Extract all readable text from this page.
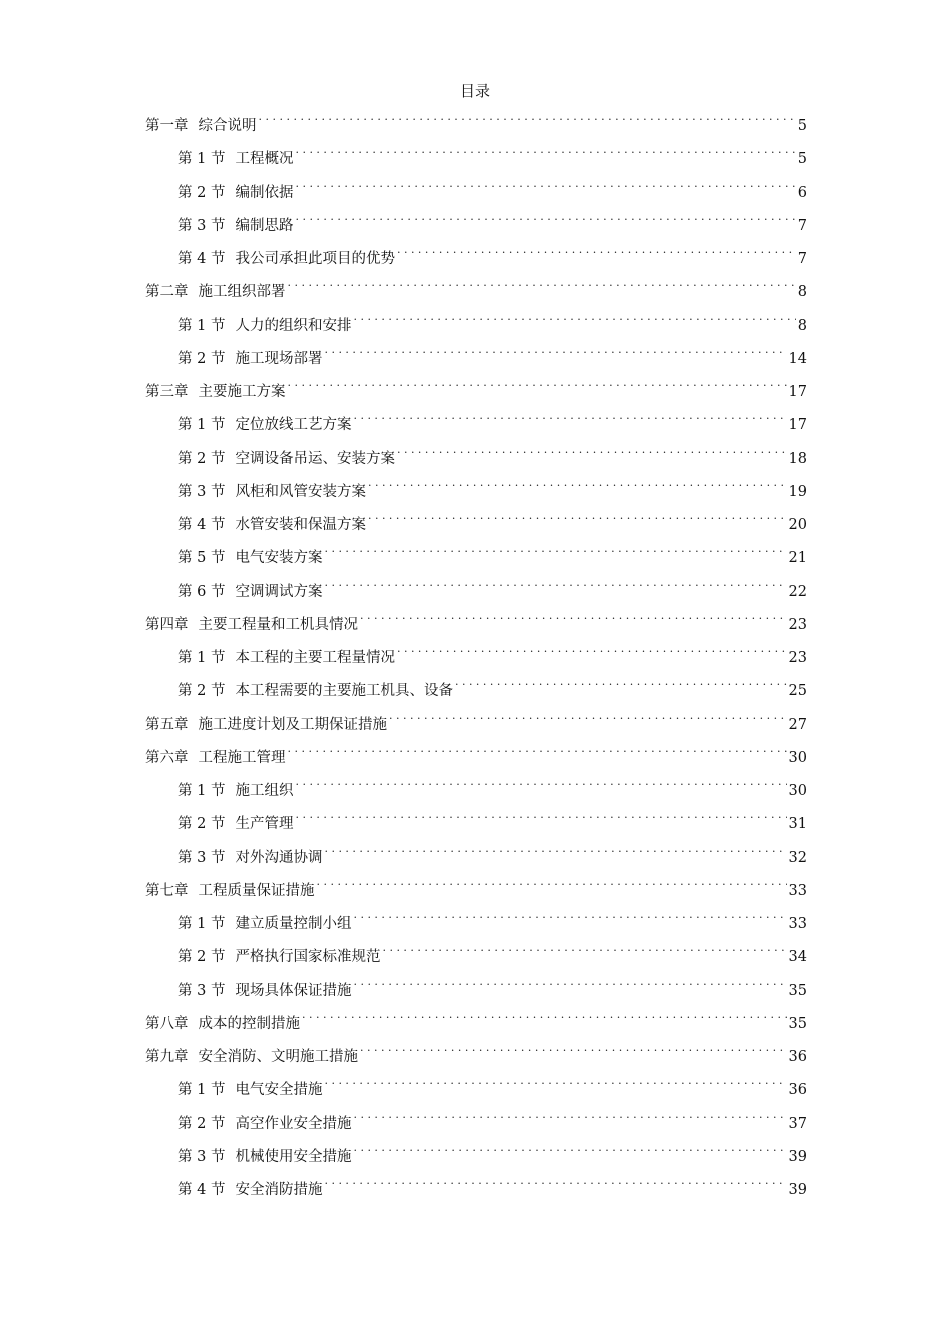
目录
第一章 综合说明 . . .	5
第 1 节 工程概况 . . .	5
第 2 节 编制依据 . . .	6
第 3 节 编制思路 . . .	7
第 4 节 我公司承担此项目的优势 . . .	7
第二章 施工组织部署 . . .	8
第 1 节 人力的组织和安排 . . .	8
第 2 节 施工现场部署 . . .	14
第三章 主要施工方案 . . .	17
第 1 节 定位放线工艺方案 . . .	17
第 2 节 空调设备吊运、安装方案 . . .	18
第 3 节 风柜和风管安装方案 . . .	19
第 4 节 水管安装和保温方案 . . .	20
第 5 节 电气安装方案 . . .	21
第 6 节 空调调试方案 . . .	22
第四章 主要工程量和工机具情况 . . .	23
第 1 节 本工程的主要工程量情况 . . .	23
第 2 节 本工程需要的主要施工机具、设备 . . .	25
第五章 施工进度计划及工期保证措施 . . .	27
第六章 工程施工管理 . . .	30
第 1 节 施工组织 . . .	30
第 2 节 生产管理 . . .	31
第 3 节 对外沟通协调 . . .	32
第七章 工程质量保证措施 . . .	33
第 1 节 建立质量控制小组 . . .	33
第 2 节 严格执行国家标准规范 . . .	34
第 3 节 现场具体保证措施 . . .	35
第八章 成本的控制措施 . . .	35
第九章 安全消防、文明施工措施 . . .	36
第 1 节 电气安全措施 . . .	36
第 2 节 高空作业安全措施 . . .	37
第 3 节 机械使用安全措施 . . .	39
第 4 节 安全消防措施 . . .	39
